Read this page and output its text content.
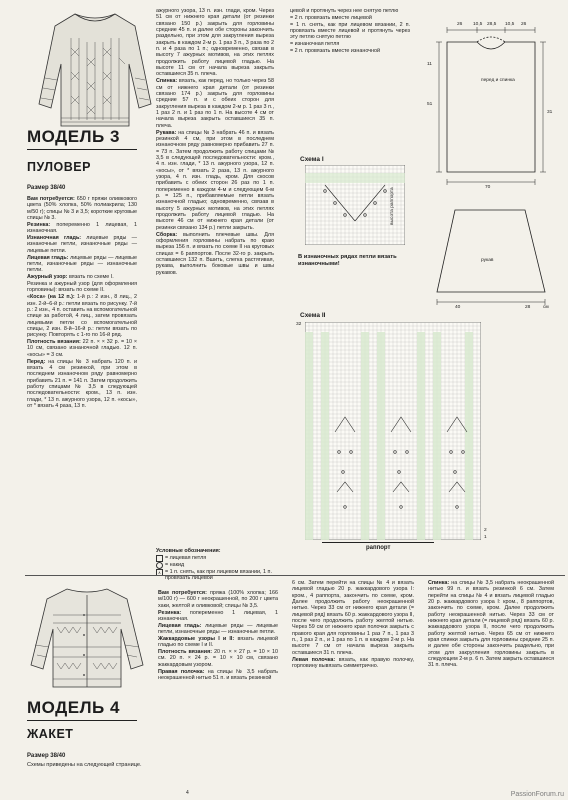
МОДЕЛЬ 3
ПУЛОВЕР
Размер 38/40

Вам потребуется: 650 г пряжи оливкового цвета (50% хлопка, 50% полиакрила; 130 м/50 г); спицы № 3 и 3,5; короткие круговые спицы № 3.

Резинка: попеременно 1 лицевая, 1 изнаночная.

Изнаночная гладь: лицевые ряды — изнаночные петли, изнаночные ряды — лицевые петли.

Лицевая гладь: лицевые ряды — лицевые петли, изнаночные ряды — изнаночные петли.

Ажурный узор: вязать по схеме I.

Резинка и ажурный узор (для оформления горловины): вязать по схеме II.

«Коса» (на 12 п.): 1-й р.: 2 изн., 8 лиц., 2 изн. 2-й–6-й р.: петли вязать по рисунку. 7-й р.: 2 изн., 4 п. оставить на вспомогательной спице за работой, 4 лиц., затем провязать лицевыми петли со вспомогательной спицы, 2 изн. 8-й–16-й р.: петли вязать по рисунку. Повторять с 1-го по 16-й ряд.

Плотность вязания: 22 п. × × 32 р. = 10 × 10 см, связано изнаночной гладью. 12 п. «косы» = 3 см.

Перед: на спицы № 3 набрать 120 п. и вязать 4 см резинкой, при этом в последнем изнаночном ряду равномерно прибавить 21 п. = 141 п. Затем продолжить работу спицами № 3,5 в следующей последовательности: кром., 13 п. изн. глади, * 13 п. ажурного узора, 12 п. «косы», от * вязать 4 раза, 13 п.

ажурного узора, 13 п. изн. глади, кром. Через 51 см от нижнего края детали (от резинки связано 150 р.) закрыть для горловины средние 45 п. и далее обе стороны закончить раздельно, при этом для закругления выреза закрыть в каждом 2-м р. 1 раз 3 п., 3 раза по 2 п. и 4 раза по 1 п.; одновременно, связав в высоту 7 ажурных мотивов, на этих петлях продолжить работу лицевой гладью. На высоте 11 см от начала выреза закрыть оставшиеся 35 п. плеча.

Спинка: вязать, как перед, но только через 58 см от нижнего края детали (от резинки связано 174 р.) закрыть для горловины средние 57 п. и с обеих сторон для закругления выреза в каждом 2-м р. 1 раз 3 п., 1 раз 2 п. и 1 раз по 1 п. На высоте 4 см от начала выреза закрыть оставшиеся 35 п. плеча.

Рукава: на спицы № 3 набрать 46 п. и вязать резинкой 4 см, при этом в последнем изнаночном ряду равномерно прибавить 27 п. = 73 п. Затем продолжить работу спицами № 3,5 в следующей последовательности: кром., 4 п. изн. глади, * 13 п. ажурного узора, 12 п. «косы», от * вязать 2 раза, 13 п. ажурного узора, 4 п. изн. гладь, кром. Для скосов прибавить с обеих сторон 26 раз по 1 п. попеременно в каждом 4-м и следующем 6-м р. = 125 п., прибавляемые петли вязать изнаночной гладью; одновременно, связав в высоту 5 ажурных мотивов, на этих петлях продолжить работу лицевой гладью. На высоте 46 см от нижнего края детали (от резинки связано 134 р.) петли закрыть.

Сборка: выполнить плечевые швы. Для оформления горловины набрать по краю выреза 156 п. и вязать по схеме II на круговых спицах = 6 раппортов. После 32-го р. закрыть оставшиеся 132 п. Вшить, слегка растягивая, рукава, выполнить боковые швы и швы рукавов.

Условные обозначения:
= лицевая петля
= накид
∧ = 1 п. снять, как при лицевом вязании, 1 п. провязать лицевой

цевой и протянуть через нее снятую петлю

= 2 п. провязать вместе лицевой

= 1 п. снять, как при лицевом вязании, 2 п. провязать вместе лицевой и протянуть через эту петлю снятую петлю

= изнаночная петля

= 2 п. провязать вместе изнаночной

перед и спинка
26 10,5 28,5 10,5 26
11
51
31
70
рукав
40	28	см
Схема I
высота раппорта
В изнаночных рядах петли вязать изнаночными!
Схема II
32
2
1
раппорт
МОДЕЛЬ 4
ЖАКЕТ
Размер 38/40
Схемы приведены на следующей странице.

Вам потребуется: пряжа (100% хлопка; 166 м/100 г) — 600 г неокрашенной, по 200 г цвета хаки, желтой и оливковой; спицы № 3,5.

Резинка: попеременно 1 лицевая, 1 изнаночная.

Лицевая гладь: лицевые ряды — лицевые петли, изнаночные ряды — изнаночные петли.

Жаккардовые узоры I и II: вязать лицевой гладью по схеме I и II.

Плотность вязания: 20 п. × × 27 р. = 10 × 10 см. 20 п. × 24 р. = 10 × 10 см, связано жаккардовым узором.

Правая полочка: на спицы № 3,5 набрать неокрашенной нитью 51 п. и вязать резинкой

6 см. Затем перейти на спицы № 4 и вязать лицевой гладью 20 р. жаккардового узора I: кром., 4 раппорта, закончить по схеме, кром. Далее продолжить работу неокрашенной нитью. Через 33 см от нижнего края детали (= лицевой ряд) вязать 60 р. жаккардового узора II, после чего продолжить работу желтой нитью. Через 59 см от нижнего края полочки закрыть с правого края для горловины 1 раз 7 п., 1 раз 3 п., 1 раз 2 п., и 1 раз по 1 п. в каждом 2-м р. На высоте 7 см от начала выреза закрыть оставшиеся 31 п. плеча.

Левая полочка: вязать, как правую полочку, горловину вывязать симметрично.

Спинка: на спицы № 3,5 набрать неокрашенной нитью 99 п. и вязать резинкой 6 см. Затем перейти на спицы № 4 и вязать лицевой гладью 20 р. жаккардового узора I: кром., 8 раппортов, закончить по схеме, кром. Далее продолжить работу неокрашенной нитью. Через 33 см от нижнего края детали (= лицевой ряд) вязать 60 р. жаккардового узора II, после чего продолжить работу желтой нитью. Через 65 см от нижнего края спинки закрыть для горловины средние 25 п. и далее обе стороны закончить раздельно, при этом для закругления горловины закрыть в следующем 2-м р. 6 п. Затем закрыть оставшиеся 31 п. плеча.

4	PassionForum.ru
